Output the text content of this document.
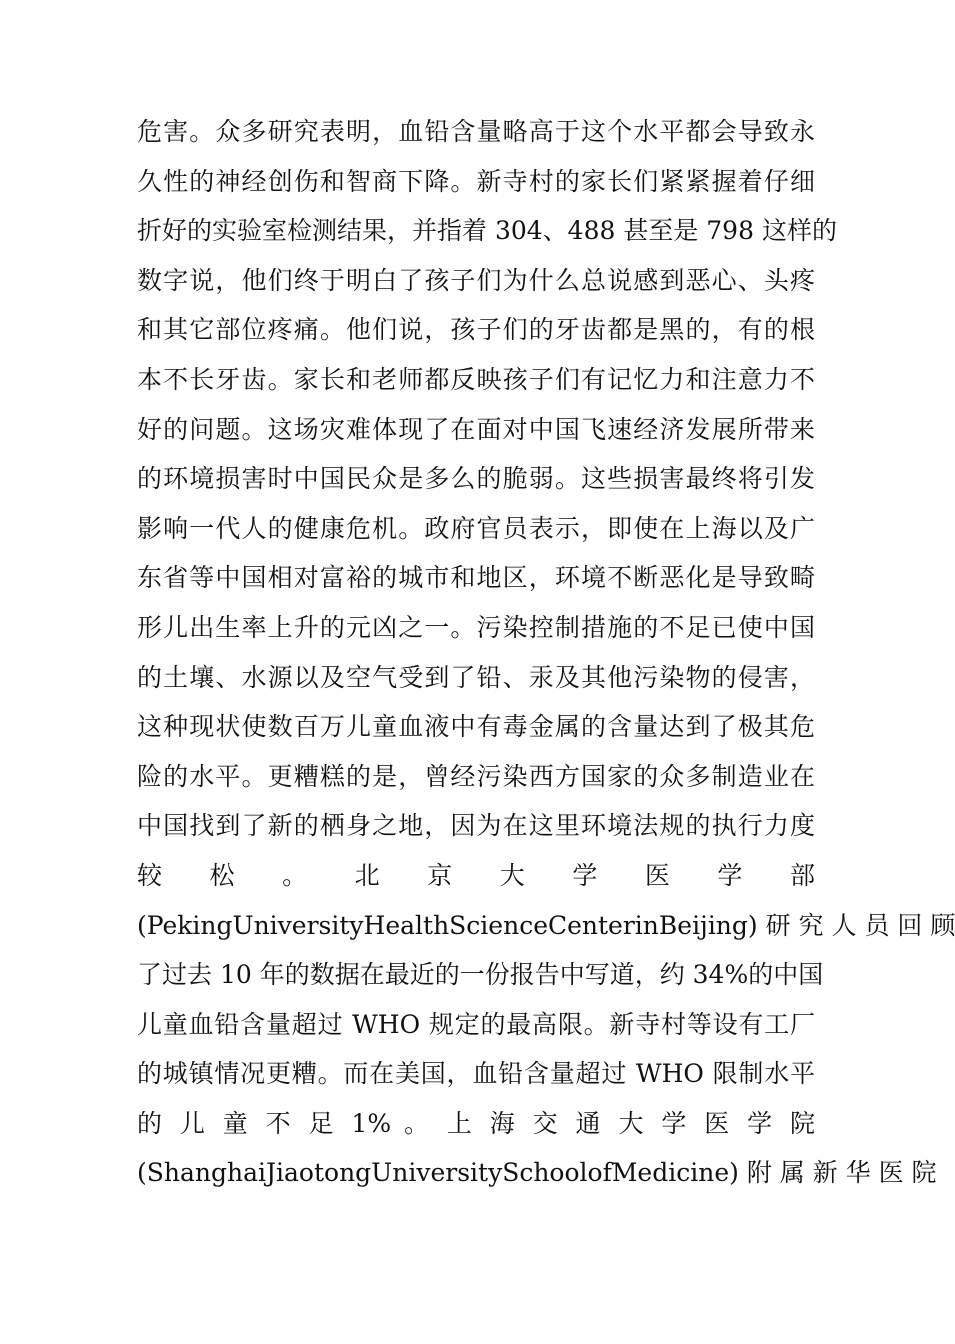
危害。众多研究表明，血铅含量略高于这个水平都会导致永
久性的神经创伤和智商下降。新寺村的家长们紧紧握着仔细
折好的实验室检测结果，并指着 304、488 甚至是 798 这样的
数字说，他们终于明白了孩子们为什么总说感到恶心、头疼
和其它部位疼痛。他们说，孩子们的牙齿都是黑的，有的根
本不长牙齿。家长和老师都反映孩子们有记忆力和注意力不
好的问题。这场灾难体现了在面对中国飞速经济发展所带来
的环境损害时中国民众是多么的脆弱。这些损害最终将引发
影响一代人的健康危机。政府官员表示，即使在上海以及广
东省等中国相对富裕的城市和地区，环境不断恶化是导致畸
形儿出生率上升的元凶之一。污染控制措施的不足已使中国
的土壤、水源以及空气受到了铅、汞及其他污染物的侵害，
这种现状使数百万儿童血液中有毒金属的含量达到了极其危
险的水平。更糟糕的是，曾经污染西方国家的众多制造业在
中国找到了新的栖身之地，因为在这里环境法规的执行力度
较 松 。 北 京 大 学 医 学 部
(PekingUniversityHealthScienceCenterinBeijing) 研 究 人 员 回 顾
了过去 10 年的数据在最近的一份报告中写道，约 34%的中国
儿童血铅含量超过 WHO 规定的最高限。新寺村等设有工厂
的城镇情况更糟。而在美国，血铅含量超过 WHO 限制水平
的 儿 童 不 足 1% 。 上 海 交 通 大 学 医 学 院
(ShanghaiJiaotongUniversitySchoolofMedicine) 附 属 新 华 医 院
